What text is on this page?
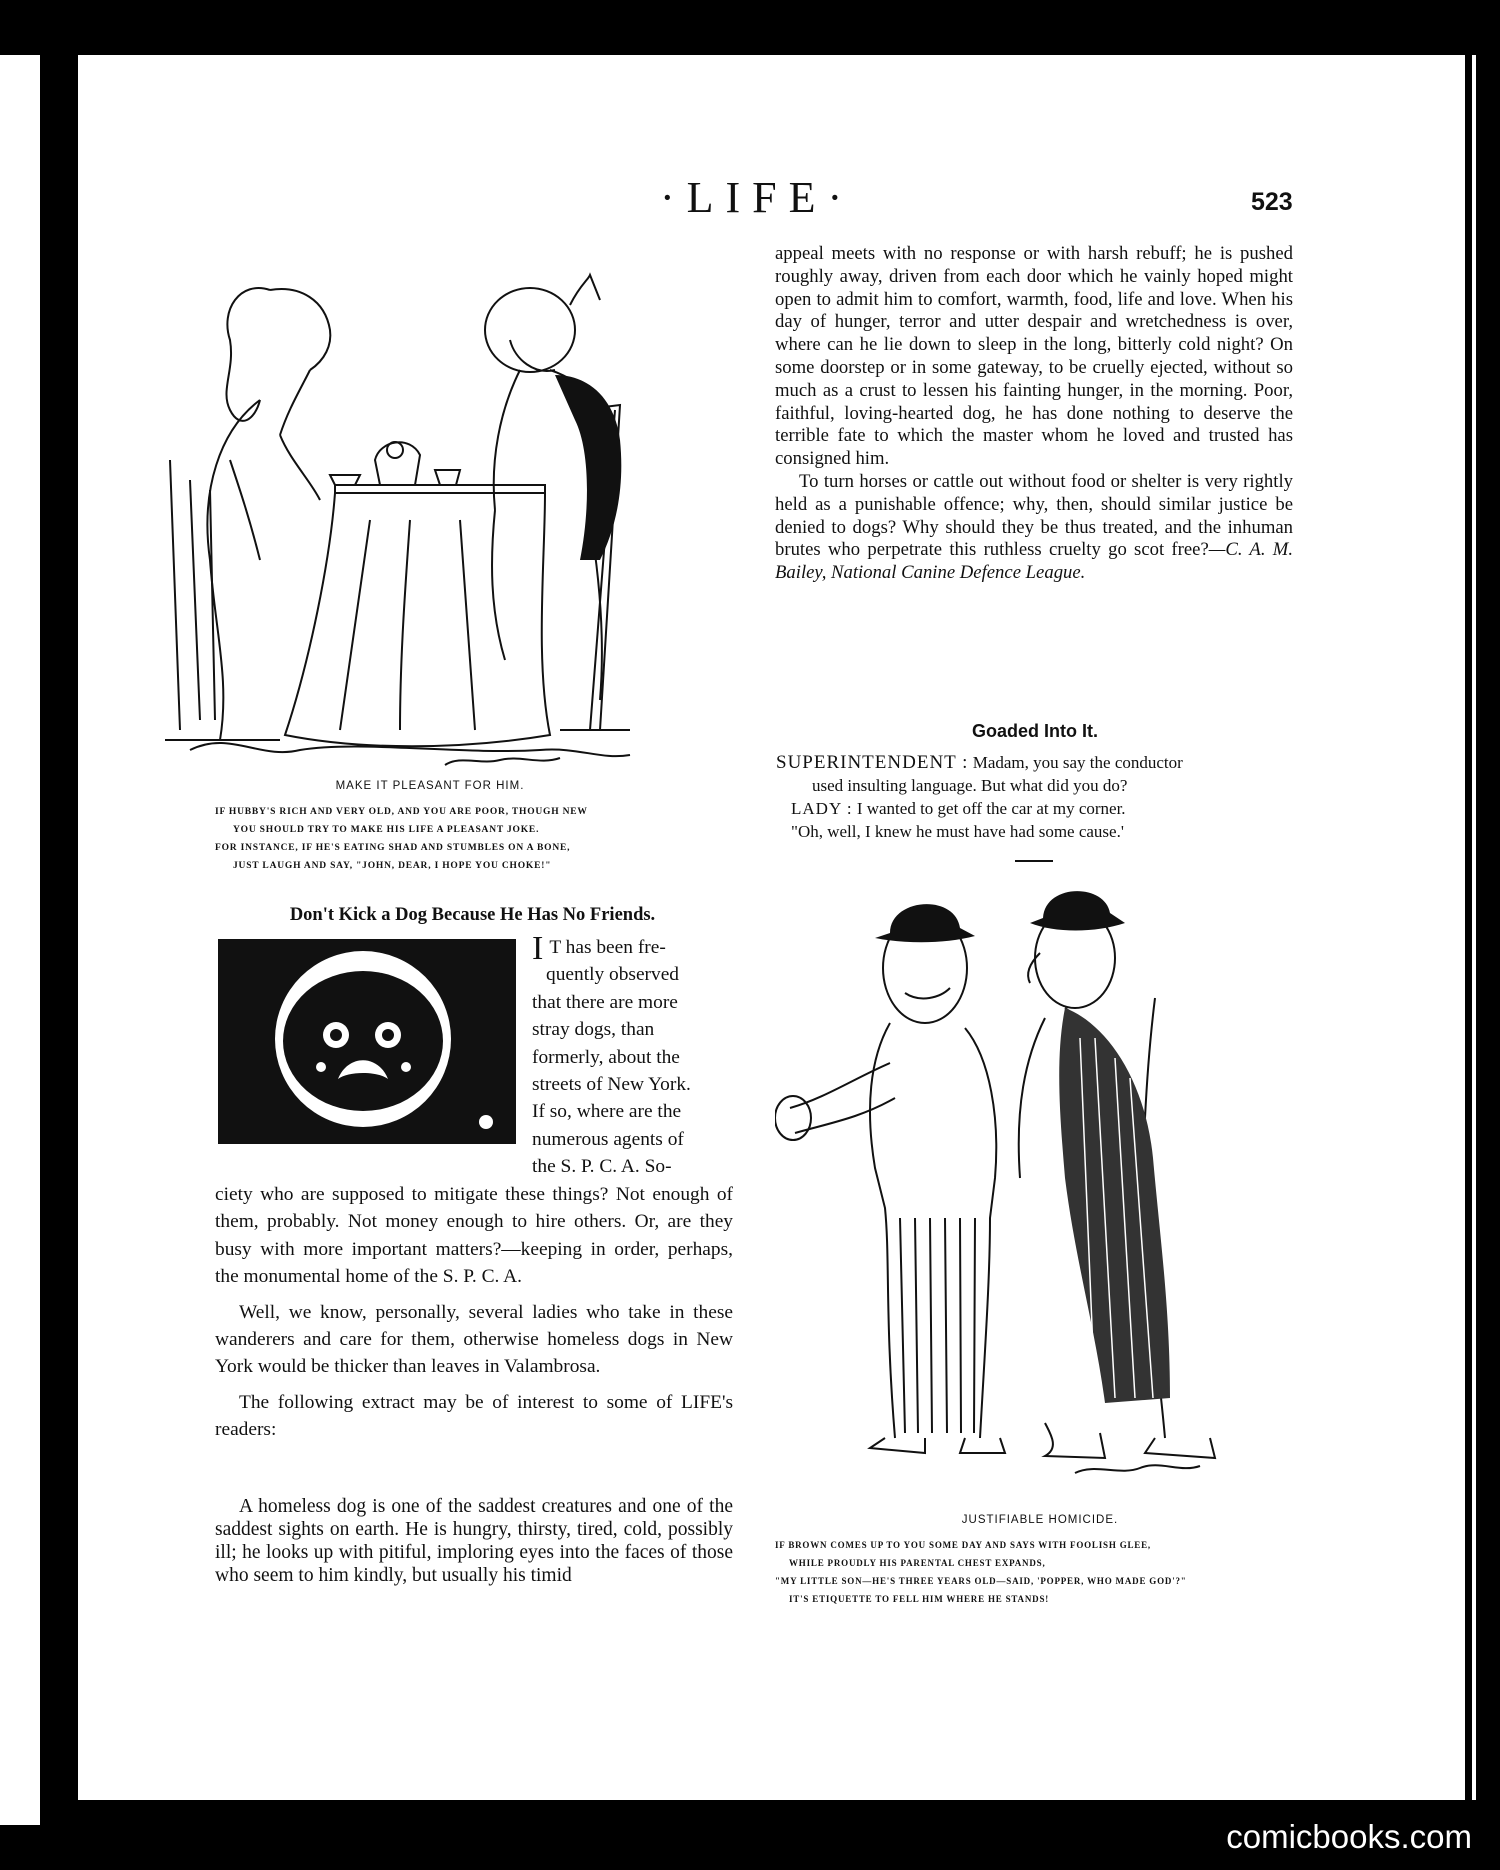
·LIFE·	523
MAKE IT PLEASANT FOR HIM.
IF HUBBY'S RICH AND VERY OLD, AND YOU ARE POOR, THOUGH NEW
YOU SHOULD TRY TO MAKE HIS LIFE A PLEASANT JOKE.
FOR INSTANCE, IF HE'S EATING SHAD AND STUMBLES ON A BONE,
JUST LAUGH AND SAY, "JOHN, DEAR, I HOPE YOU CHOKE!"
Don't Kick a Dog Because He Has No Friends.
I T has been fre-
quently observed
that there are more
stray dogs, than
formerly, about the
streets of New York.
If so, where are the
numerous agents of
the S. P. C. A. So-

ciety who are supposed to mitigate these things? Not enough of them, probably. Not money enough to hire others. Or, are they busy with more important matters?—keeping in order, perhaps, the monumental home of the S. P. C. A.

Well, we know, personally, several ladies who take in these wanderers and care for them, otherwise homeless dogs in New York would be thicker than leaves in Valambrosa.

The following extract may be of interest to some of LIFE's readers:

A homeless dog is one of the saddest creatures and one of the saddest sights on earth. He is hungry, thirsty, tired, cold, possibly ill; he looks up with pitiful, imploring eyes into the faces of those who seem to him kindly, but usually his timid

appeal meets with no response or with harsh rebuff; he is pushed roughly away, driven from each door which he vainly hoped might open to admit him to comfort, warmth, food, life and love. When his day of hunger, terror and utter despair and wretchedness is over, where can he lie down to sleep in the long, bitterly cold night? On some doorstep or in some gateway, to be cruelly ejected, without so much as a crust to lessen his fainting hunger, in the morning. Poor, faithful, loving-hearted dog, he has done nothing to deserve the terrible fate to which the master whom he loved and trusted has consigned him.

To turn horses or cattle out without food or shelter is very rightly held as a punishable offence; why, then, should similar justice be denied to dogs? Why should they be thus treated, and the inhuman brutes who perpetrate this ruthless cruelty go scot free?—C. A. M. Bailey, National Canine Defence League.

Goaded Into It.
SUPERINTENDENT : Madam, you say the conductor
used insulting language. But what did you do?
LADY : I wanted to get off the car at my corner.
"Oh, well, I knew he must have had some cause.'
JUSTIFIABLE HOMICIDE.
IF BROWN COMES UP TO YOU SOME DAY AND SAYS WITH FOOLISH GLEE,
WHILE PROUDLY HIS PARENTAL CHEST EXPANDS,
"MY LITTLE SON—HE'S THREE YEARS OLD—SAID, 'POPPER, WHO MADE GOD'?"
IT'S ETIQUETTE TO FELL HIM WHERE HE STANDS!
comicbooks.com
